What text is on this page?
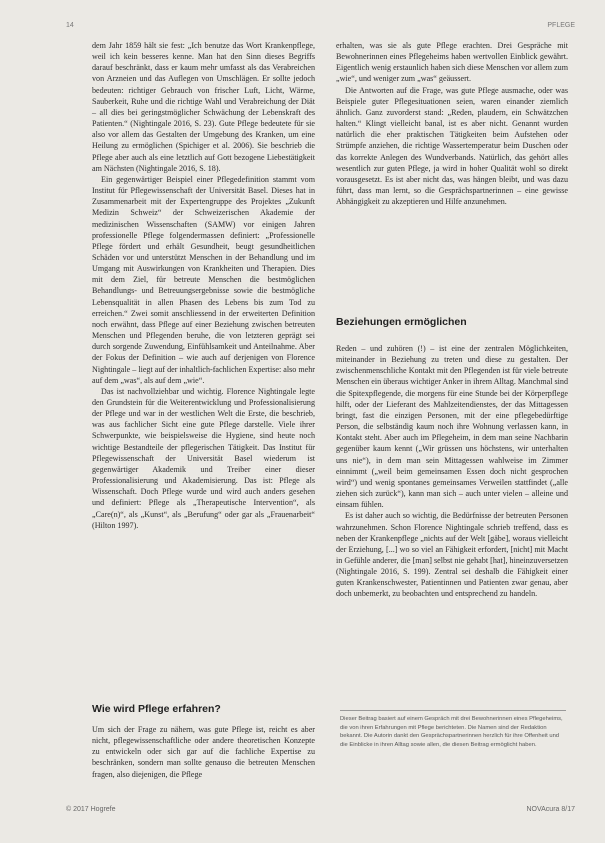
14	PFLEGE

dem Jahr 1859 hält sie fest: „Ich benutze das Wort Krankenpflege, weil ich kein besseres kenne. Man hat den Sinn dieses Begriffs darauf beschränkt, dass er kaum mehr umfasst als das Verabreichen von Arzneien und das Auflegen von Umschlägen. Er sollte jedoch bedeuten: richtiger Gebrauch von frischer Luft, Licht, Wärme, Sauberkeit, Ruhe und die richtige Wahl und Verabreichung der Diät – all dies bei geringstmöglicher Schwächung der Lebenskraft des Patienten.“ (Nightingale 2016, S. 23). Gute Pflege bedeutete für sie also vor allem das Gestalten der Umgebung des Kranken, um eine Heilung zu ermöglichen (Spichiger et al. 2006). Sie beschrieb die Pflege aber auch als eine letztlich auf Gott bezogene Liebestätigkeit am Nächsten (Nightingale 2016, S. 18).

Ein gegenwärtiger Beispiel einer Pflegedefinition stammt vom Institut für Pflegewissenschaft der Universität Basel. Dieses hat in Zusammenarbeit mit der Expertengruppe des Projektes „Zukunft Medizin Schweiz“ der Schweizerischen Akademie der medizinischen Wissenschaften (SAMW) vor einigen Jahren professionelle Pflege folgendermassen definiert: „Professionelle Pflege fördert und erhält Gesundheit, beugt gesundheitlichen Schäden vor und unterstützt Menschen in der Behandlung und im Umgang mit Auswirkungen von Krankheiten und Therapien. Dies mit dem Ziel, für betreute Menschen die bestmöglichen Behandlungs- und Betreuungsergebnisse sowie die bestmögliche Lebensqualität in allen Phasen des Lebens bis zum Tod zu erreichen.“ Zwei somit anschliessend in der erweiterten Definition noch erwähnt, dass Pflege auf einer Beziehung zwischen betreuten Menschen und Pflegenden beruhe, die von letzteren geprägt sei durch sorgende Zuwendung, Einfühlsamkeit und Anteilnahme. Aber der Fokus der Definition – wie auch auf derjenigen von Florence Nightingale – liegt auf der inhaltlich-fachlichen Expertise: also mehr auf dem „was“, als auf dem „wie“.

Das ist nachvollziehbar und wichtig. Florence Nightingale legte den Grundstein für die Weiterentwicklung und Professionalisierung der Pflege und war in der westlichen Welt die Erste, die beschrieb, was aus fachlicher Sicht eine gute Pflege darstelle. Viele ihrer Schwerpunkte, wie beispielsweise die Hygiene, sind heute noch wichtige Bestandteile der pflegerischen Tätigkeit. Das Institut für Pflegewissenschaft der Universität Basel wiederum ist gegenwärtiger Akademik und Treiber einer dieser Professionalisierung und Akademisierung. Das ist: Pflege als Wissenschaft. Doch Pflege wurde und wird auch anders gesehen und definiert: Pflege als „Therapeutische Intervention“, als „Care(n)“, als „Kunst“, als „Berufung“ oder gar als „Frauenarbeit“ (Hilton 1997).

Wie wird Pflege erfahren?

Um sich der Frage zu nähern, was gute Pflege ist, reicht es aber nicht, pflegewissenschaftliche oder andere theoretischen Konzepte zu entwickeln oder sich gar auf die fachliche Expertise zu beschränken, sondern man sollte genauso die betreuten Menschen fragen, also diejenigen, die Pflege

erhalten, was sie als gute Pflege erachten. Drei Gespräche mit Bewohnerinnen eines Pflegeheims haben wertvollen Einblick gewährt. Eigentlich wenig erstaunlich haben sich diese Menschen vor allem zum „wie“, und weniger zum „was“ geäussert.

Die Antworten auf die Frage, was gute Pflege ausmache, oder was Beispiele guter Pflegesituationen seien, waren einander ziemlich ähnlich. Ganz zuvorderst stand: „Reden, plaudern, ein Schwätzchen halten.“ Klingt vielleicht banal, ist es aber nicht. Genannt wurden natürlich die eher praktischen Tätigkeiten beim Aufstehen oder Strümpfe anziehen, die richtige Wassertemperatur beim Duschen oder das korrekte Anlegen des Wundverbands. Natürlich, das gehört alles wesentlich zur guten Pflege, ja wird in hoher Qualität wohl so direkt vorausgesetzt. Es ist aber nicht das, was hängen bleibt, und was dazu führt, dass man lernt, so die Gesprächspartnerinnen – eine gewisse Abhängigkeit zu akzeptieren und Hilfe anzunehmen.

Beziehungen ermöglichen

Reden – und zuhören (!) – ist eine der zentralen Möglichkeiten, miteinander in Beziehung zu treten und diese zu gestalten. Der zwischenmenschliche Kontakt mit den Pflegenden ist für viele betreute Menschen ein überaus wichtiger Anker in ihrem Alltag. Manchmal sind die Spitexpflegende, die morgens für eine Stunde bei der Körperpflege hilft, oder der Lieferant des Mahlzeitendienstes, der das Mittagessen bringt, fast die einzigen Personen, mit der eine pflegebedürftige Person, die selbständig kaum noch ihre Wohnung verlassen kann, in Kontakt steht. Aber auch im Pflegeheim, in dem man seine Nachbarin gegenüber kaum kennt („Wir grüssen uns höchstens, wir unterhalten uns nie“), in dem man sein Mittagessen wahlweise im Zimmer einnimmt („weil beim gemeinsamen Essen doch nicht gesprochen wird“) und wenig spontanes gemeinsames Verweilen stattfindet („alle ziehen sich zurück“), kann man sich – auch unter vielen – alleine und einsam fühlen.

Es ist daher auch so wichtig, die Bedürfnisse der betreuten Personen wahrzunehmen. Schon Florence Nightingale schrieb treffend, dass es neben der Krankenpflege „nichts auf der Welt [gäbe], woraus vielleicht der Erziehung, [...] wo so viel an Fähigkeit erfordert, [nicht] mit Macht in Gefühle anderer, die [man] selbst nie gehabt [hat], hineinzuversetzen (Nightingale 2016, S. 199). Zentral sei deshalb die Fähigkeit einer guten Krankenschwester, Patientinnen und Patienten zwar genau, aber doch unbemerkt, zu beobachten und entsprechend zu handeln.

Dieser Beitrag basiert auf einem Gespräch mit drei Bewohnerinnen eines Pflegeheims, die von ihren Erfahrungen mit Pflege berichteten. Die Namen sind der Redaktion bekannt. Die Autorin dankt den Gesprächspartnerinnen herzlich für ihre Offenheit und die Einblicke in ihren Alltag sowie allen, die diesen Beitrag ermöglicht haben.
© 2017 Hogrefe	NOVAcura 8/17
